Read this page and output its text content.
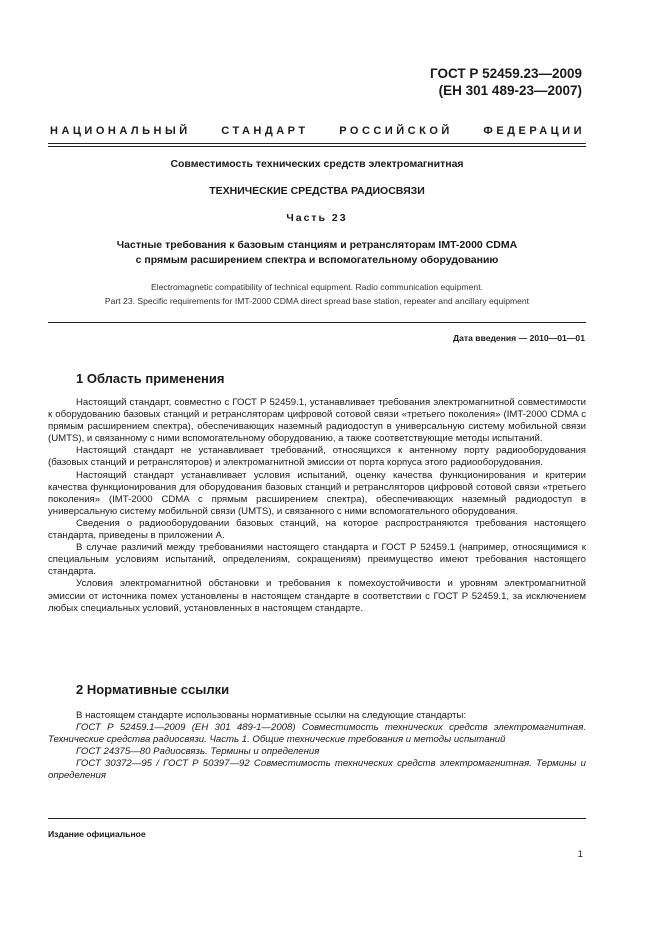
ГОСТ Р 52459.23—2009
(ЕН 301 489-23—2007)
НАЦИОНАЛЬНЫЙ СТАНДАРТ РОССИЙСКОЙ ФЕДЕРАЦИИ
Совместимость технических средств электромагнитная
ТЕХНИЧЕСКИЕ СРЕДСТВА РАДИОСВЯЗИ
Часть 23
Частные требования к базовым станциям и ретрансляторам IMT-2000 CDMA
с прямым расширением спектра и вспомогательному оборудованию
Electromagnetic compatibility of technical equipment. Radio communication equipment.
Part 23. Specific requirements for IMT-2000 CDMA direct spread base station, repeater and ancillary equipment
Дата введения — 2010—01—01
1 Область применения

Настоящий стандарт, совместно с ГОСТ Р 52459.1, устанавливает требования электромагнитной совместимости к оборудованию базовых станций и ретрансляторам цифровой сотовой связи «третьего поколения» (IMT-2000 CDMA с прямым расширением спектра), обеспечивающих наземный радиодоступ в универсальную систему мобильной связи (UMTS), и связанному с ними вспомогательному оборудованию, а также соответствующие методы испытаний.

Настоящий стандарт не устанавливает требований, относящихся к антенному порту радиооборудования (базовых станций и ретрансляторов) и электромагнитной эмиссии от порта корпуса этого радиооборудования.

Настоящий стандарт устанавливает условия испытаний, оценку качества функционирования и критерии качества функционирования для оборудования базовых станций и ретрансляторов цифровой сотовой связи «третьего поколения» (IMT-2000 CDMA с прямым расширением спектра), обеспечивающих наземный радиодоступ в универсальную систему мобильной связи (UMTS), и связанного с ними вспомогательного оборудования.

Сведения о радиооборудовании базовых станций, на которое распространяются требования настоящего стандарта, приведены в приложении А.

В случае различий между требованиями настоящего стандарта и ГОСТ Р 52459.1 (например, относящимися к специальным условиям испытаний, определениям, сокращениям) преимущество имеют требования настоящего стандарта.

Условия электромагнитной обстановки и требования к помехоустойчивости и уровням электромагнитной эмиссии от источника помех установлены в настоящем стандарте в соответствии с ГОСТ Р 52459.1, за исключением любых специальных условий, установленных в настоящем стандарте.

2 Нормативные ссылки

В настоящем стандарте использованы нормативные ссылки на следующие стандарты:

ГОСТ Р 52459.1—2009 (ЕН 301 489-1—2008) Совместимость технических средств электромагнитная. Технические средства радиосвязи. Часть 1. Общие технические требования и методы испытаний

ГОСТ 24375—80 Радиосвязь. Термины и определения

ГОСТ 30372—95 / ГОСТ Р 50397—92 Совместимость технических средств электромагнитная. Термины и определения

Издание официальное
1
